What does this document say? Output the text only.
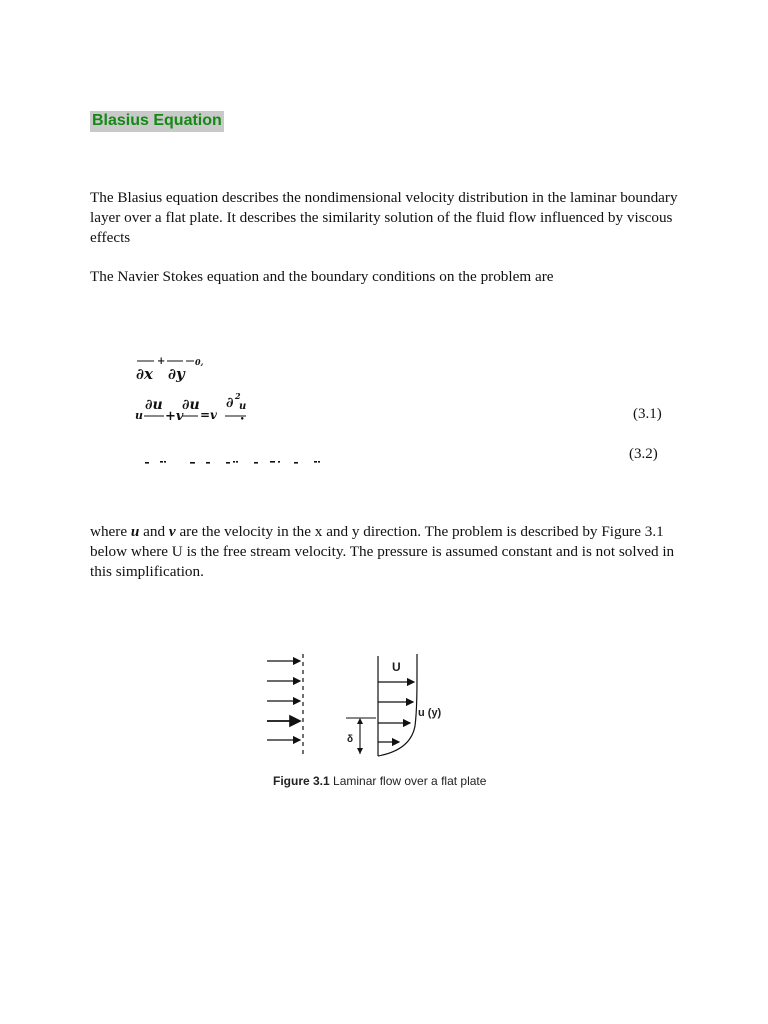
Blasius Equation

The Blasius equation describes the nondimensional velocity distribution in the laminar boundary layer over a flat plate. It describes the similarity solution of the fluid flow influenced by viscous effects

The Navier Stokes equation and the boundary conditions on the problem are

+	0,
∂x ∂y
∂u ∂u ∂ 2
u
u +v =v	•	(3.1)
(3.2)

where u and v are the velocity in the x and y direction. The problem is described by Figure 3.1 below where U is the free stream velocity. The pressure is assumed constant and is not solved in this simplification.

U
u (y)
δ
Figure 3.1 Laminar flow over a flat plate
